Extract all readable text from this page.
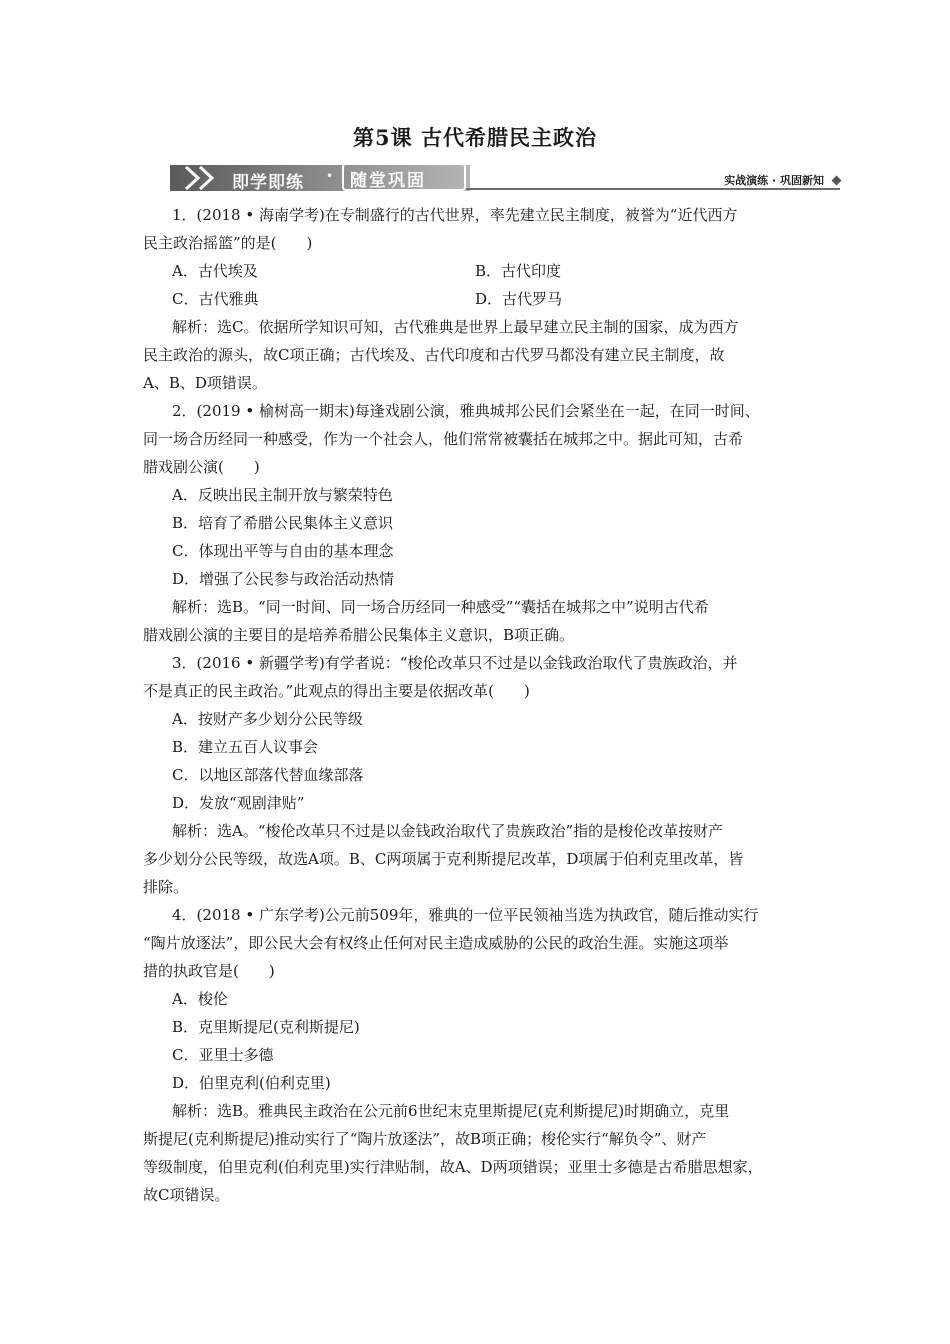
第5课 古代希腊民主政治
即学即练 • 随堂巩固	实战演练 · 巩固新知
1．(2018 • 海南学考)在专制盛行的古代世界，率先建立民主制度，被誉为“近代西方
民主政治摇篮”的是(　　)
A．古代埃及	B．古代印度
C．古代雅典	D．古代罗马
解析：选C。依据所学知识可知，古代雅典是世界上最早建立民主制的国家，成为西方
民主政治的源头，故C项正确；古代埃及、古代印度和古代罗马都没有建立民主制度，故
A、B、D项错误。
2．(2019 • 榆树高一期末)每逢戏剧公演，雅典城邦公民们会紧坐在一起，在同一时间、
同一场合历经同一种感受，作为一个社会人，他们常常被囊括在城邦之中。据此可知，古希
腊戏剧公演(　　)
A．反映出民主制开放与繁荣特色
B．培育了希腊公民集体主义意识
C．体现出平等与自由的基本理念
D．增强了公民参与政治活动热情
解析：选B。“同一时间、同一场合历经同一种感受”“囊括在城邦之中”说明古代希
腊戏剧公演的主要目的是培养希腊公民集体主义意识，B项正确。
3．(2016 • 新疆学考)有学者说：“梭伦改革只不过是以金钱政治取代了贵族政治，并
不是真正的民主政治。”此观点的得出主要是依据改革(　　)
A．按财产多少划分公民等级
B．建立五百人议事会
C．以地区部落代替血缘部落
D．发放“观剧津贴”
解析：选A。“梭伦改革只不过是以金钱政治取代了贵族政治”指的是梭伦改革按财产
多少划分公民等级，故选A项。B、C两项属于克利斯提尼改革，D项属于伯利克里改革，皆
排除。
4．(2018 • 广东学考)公元前509年，雅典的一位平民领袖当选为执政官，随后推动实行
“陶片放逐法”，即公民大会有权终止任何对民主造成威胁的公民的政治生涯。实施这项举
措的执政官是(　　)
A．梭伦
B．克里斯提尼(克利斯提尼)
C．亚里士多德
D．伯里克利(伯利克里)
解析：选B。雅典民主政治在公元前6世纪末克里斯提尼(克利斯提尼)时期确立，克里
斯提尼(克利斯提尼)推动实行了“陶片放逐法”，故B项正确；梭伦实行“解负令”、财产
等级制度，伯里克利(伯利克里)实行津贴制，故A、D两项错误；亚里士多德是古希腊思想家，
故C项错误。
